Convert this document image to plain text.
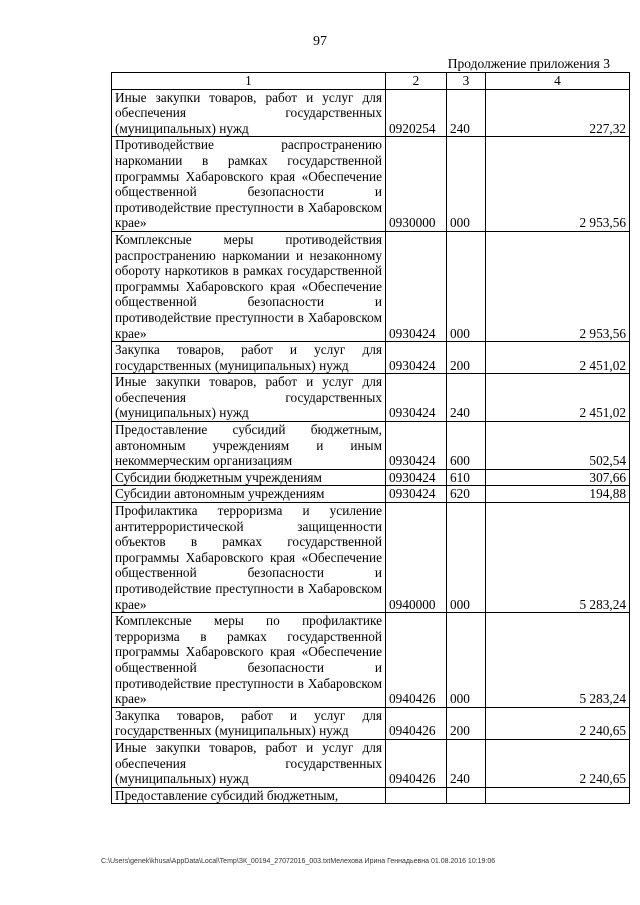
97
Продолжение приложения 3
1	2	3	4
Иные закупки товаров, работ и услуг для обеспечения государственных (муниципальных) нужд	0920254	240	227,32
Противодействие распространению наркомании в рамках государственной программы Хабаровского края «Обеспечение общественной безопасности и противодействие преступности в Хабаровском крае»	0930000	000	2 953,56
Комплексные меры противодействия распространению наркомании и незаконному обороту наркотиков в рамках государственной программы Хабаровского края «Обеспечение общественной безопасности и противодействие преступности в Хабаровском крае»	0930424	000	2 953,56
Закупка товаров, работ и услуг для государственных (муниципальных) нужд	0930424	200	2 451,02
Иные закупки товаров, работ и услуг для обеспечения государственных (муниципальных) нужд	0930424	240	2 451,02
Предоставление субсидий бюджетным, автономным учреждениям и иным некоммерческим организациям	0930424	600	502,54
Субсидии бюджетным учреждениям	0930424	610	307,66
Субсидии автономным учреждениям	0930424	620	194,88
Профилактика терроризма и усиление антитеррористической защищенности объектов в рамках государственной программы Хабаровского края «Обеспечение общественной безопасности и противодействие преступности в Хабаровском крае»	0940000	000	5 283,24
Комплексные меры по профилактике терроризма в рамках государственной программы Хабаровского края «Обеспечение общественной безопасности и противодействие преступности в Хабаровском крае»	0940426	000	5 283,24
Закупка товаров, работ и услуг для государственных (муниципальных) нужд	0940426	200	2 240,65
Иные закупки товаров, работ и услуг для обеспечения государственных (муниципальных) нужд	0940426	240	2 240,65
Предоставление субсидий бюджетным,			
C:\Users\genek\khusa\AppData\Local\Temp\ЗК_00194_27072016_003.txtМелехова Ирина Геннадьевна 01.08.2016 10:19:06
